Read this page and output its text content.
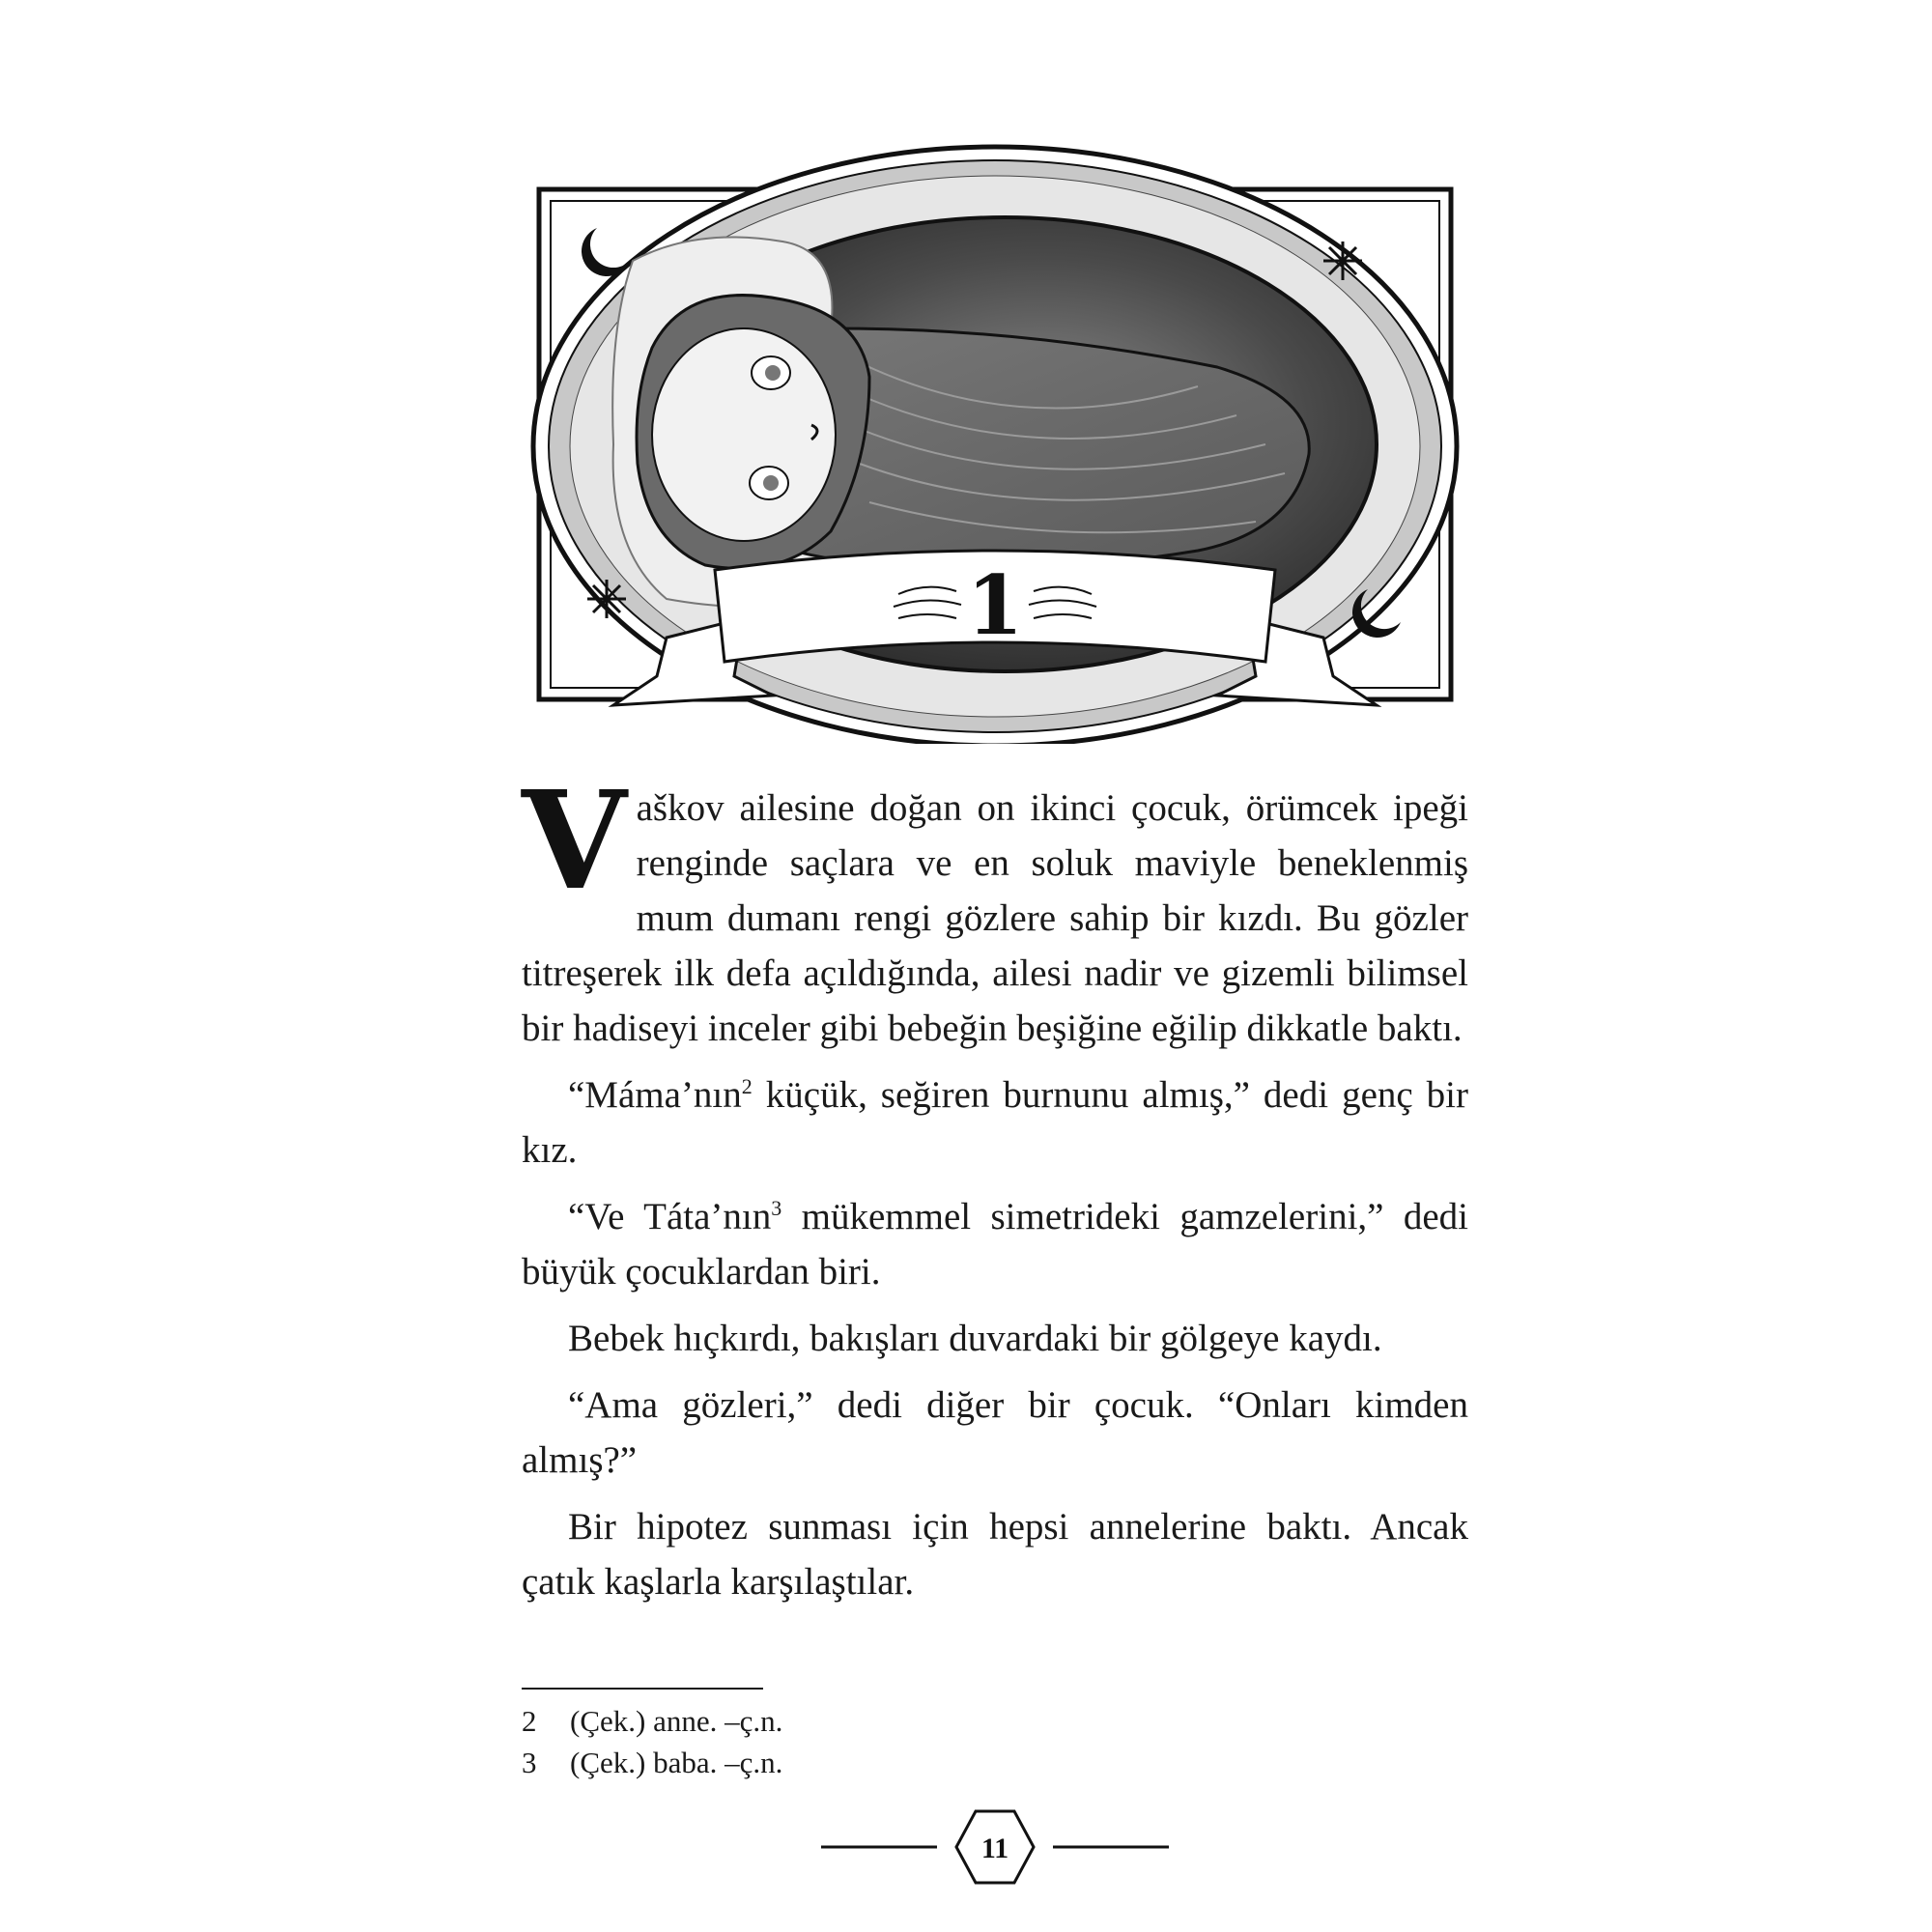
1

Vaškov ailesine doğan on ikinci çocuk, örümcek ipeği renginde saçlara ve en soluk maviyle beneklenmiş mum dumanı rengi gözlere sahip bir kızdı. Bu gözler titreşerek ilk defa açıldığında, ailesi nadir ve gizemli bilimsel bir hadiseyi inceler gibi bebeğin beşiğine eğilip dikkatle baktı.

“Máma’nın$^2$ küçük, seğiren burnunu almış,” dedi genç bir kız.

“Ve Táta’nın$^3$ mükemmel simetrideki gamzelerini,” dedi büyük çocuklardan biri.

Bebek hıçkırdı, bakışları duvardaki bir gölgeye kaydı.

“Ama gözleri,” dedi diğer bir çocuk. “Onları kimden almış?”

Bir hipotez sunması için hepsi annelerine baktı. Ancak çatık kaşlarla karşılaştılar.

2	(Çek.) anne. –ç.n.
3	(Çek.) baba. –ç.n.
11
